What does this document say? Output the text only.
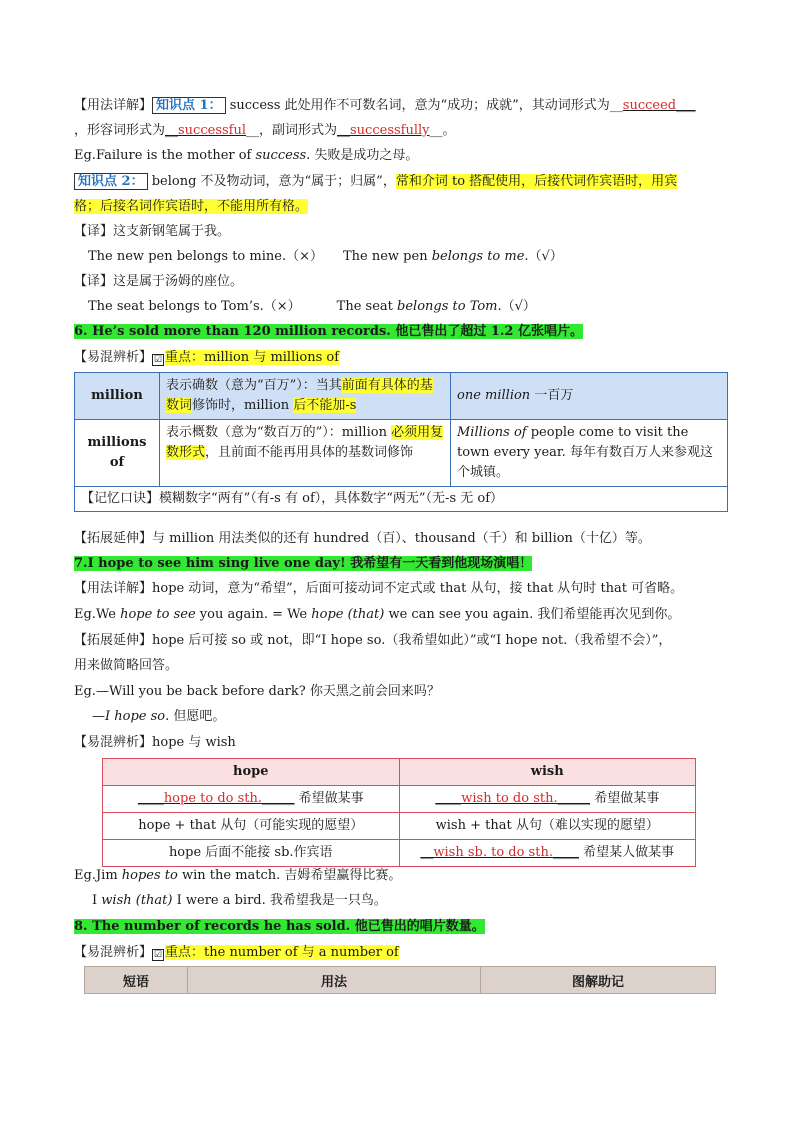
【用法详解】 知识点 1： success 此处用作不可数名词，意为“成功；成就”，其动词形式为__succeed___
，形容词形式为__successful__，副词形式为__successfully__。
Eg.Failure is the mother of success. 失败是成功之母。
知识点 2： belong 不及物动词，意为“属于；归属”，常和介词 to 搭配使用，后接代词作宾语时，用宾
格；后接名词作宾语时，不能用所有格。
【译】这支新钢笔属于我。
The new pen belongs to mine.（×） The new pen belongs to me.（√）
【译】这是属于汤姆的座位。
The seat belongs to Tom’s.（×）	The seat belongs to Tom.（√）
6. He’s sold more than 120 million records. 他已售出了超过 1.2 亿张唱片。
【易混辨析】 ☑ 重点：million 与 millions of
million	表示确数（意为“百万”）：当其前面有具体的基数词修饰时，million 后不能加-s	one million 一百万
millions
of	表示概数（意为“数百万的”）：million 必须用复数形式，且前面不能再用具体的基数词修饰	Millions of people come to visit the town every year. 每年有数百万人来参观这个城镇。
【记忆口诀】模糊数字“两有”（有-s 有 of），具体数字“两无”（无-s 无 of）		
【拓展延伸】与 million 用法类似的还有 hundred（百）、thousand（千）和 billion（十亿）等。
7.I hope to see him sing live one day! 我希望有一天看到他现场演唱！
【用法详解】hope 动词，意为“希望”，后面可接动词不定式或 that 从句，接 that 从句时 that 可省略。
Eg.We hope to see you again. = We hope (that) we can see you again. 我们希望能再次见到你。
【拓展延伸】hope 后可接 so 或 not，即“I hope so.（我希望如此）”或“I hope not.（我希望不会）”，
用来做简略回答。
Eg.—Will you be back before dark? 你天黑之前会回来吗？
—I hope so. 但愿吧。
【易混辨析】hope 与 wish
hope	wish
____hope to do sth._____ 希望做某事	____wish to do sth._____ 希望做某事
hope + that 从句（可能实现的愿望）	wish + that 从句（难以实现的愿望）
hope 后面不能接 sb.作宾语	__wish sb. to do sth.____ 希望某人做某事
Eg.Jim hopes to win the match. 吉姆希望赢得比赛。
I wish (that) I were a bird. 我希望我是一只鸟。
8. The number of records he has sold. 他已售出的唱片数量。
【易混辨析】 ☑ 重点：the number of 与 a number of
短语	用法	图解助记
